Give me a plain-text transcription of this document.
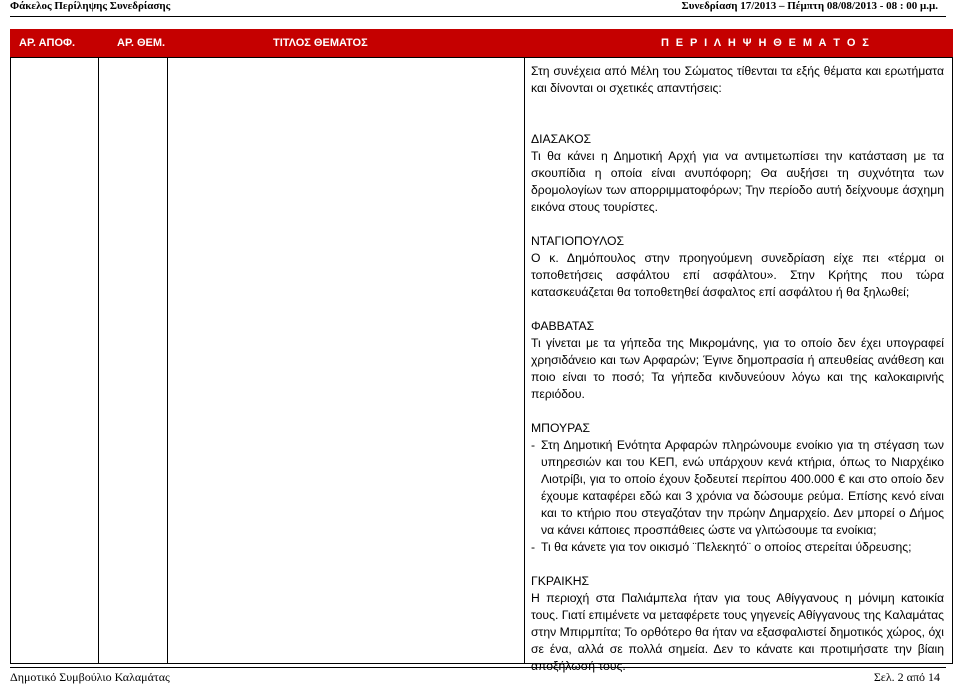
Φάκελος Περίληψης Συνεδρίασης	Συνεδρίαση 17/2013 – Πέμπτη 08/08/2013 - 08 : 00 μ.μ.
ΑΡ. ΑΠΟΦ.	ΑΡ. ΘΕΜ.	ΤΙΤΛΟΣ ΘΕΜΑΤΟΣ	Π Ε Ρ Ι Λ Η Ψ Η Θ Ε Μ Α Τ Ο Σ

Στη συνέχεια από Μέλη του Σώματος τίθενται τα εξής θέματα και ερωτήματα και δίνονται οι σχετικές απαντήσεις:

ΔΙΑΣΑΚΟΣ

Τι θα κάνει η Δημοτική Αρχή για να αντιμετωπίσει την κατάσταση με τα σκουπίδια η οποία είναι ανυπόφορη; Θα αυξήσει τη συχνότητα των δρομολογίων των απορριμματοφόρων; Την περίοδο αυτή δείχνουμε άσχημη εικόνα στους τουρίστες.

ΝΤΑΓΙΟΠΟΥΛΟΣ

Ο κ. Δημόπουλος στην προηγούμενη συνεδρίαση είχε πει «τέρμα οι τοποθετήσεις ασφάλτου επί ασφάλτου». Στην Κρήτης που τώρα κατασκευάζεται θα τοποθετηθεί άσφαλτος επί ασφάλτου ή θα ξηλωθεί;

ΦΑΒΒΑΤΑΣ

Τι γίνεται με τα γήπεδα της Μικρομάνης, για το οποίο δεν έχει υπογραφεί χρησιδάνειο και των Αρφαρών; Έγινε δημοπρασία ή απευθείας ανάθεση και ποιο είναι το ποσό; Τα γήπεδα κινδυνεύουν λόγω και της καλοκαιρινής περιόδου.

ΜΠΟΥΡΑΣ

- Στη Δημοτική Ενότητα Αρφαρών πληρώνουμε ενοίκιο για τη στέγαση των υπηρεσιών και του ΚΕΠ, ενώ υπάρχουν κενά κτήρια, όπως το Νιαρχέικο Λιοτρίβι, για το οποίο έχουν ξοδευτεί περίπου 400.000 € και στο οποίο δεν έχουμε καταφέρει εδώ και 3 χρόνια να δώσουμε ρεύμα. Επίσης κενό είναι και το κτήριο που στεγαζόταν την πρώην Δημαρχείο. Δεν μπορεί ο Δήμος να κάνει κάποιες προσπάθειες ώστε να γλιτώσουμε τα ενοίκια;
- Τι θα κάνετε για τον οικισμό ¨Πελεκητό¨ ο οποίος στερείται ύδρευσης;

ΓΚΡΑΙΚΗΣ

Η περιοχή στα Παλιάμπελα ήταν για τους Αθίγγανους η μόνιμη κατοικία τους. Γιατί επιμένετε να μεταφέρετε τους γηγενείς Αθίγγανους της Καλαμάτας στην Μπιρμπίτα; Το ορθότερο θα ήταν να εξασφαλιστεί δημοτικός χώρος, όχι σε ένα, αλλά σε πολλά σημεία. Δεν το κάνατε και προτιμήσατε την βίαιη αποξήλωσή τους.

Δημοτικό Συμβούλιο Καλαμάτας	Σελ. 2 από 14
